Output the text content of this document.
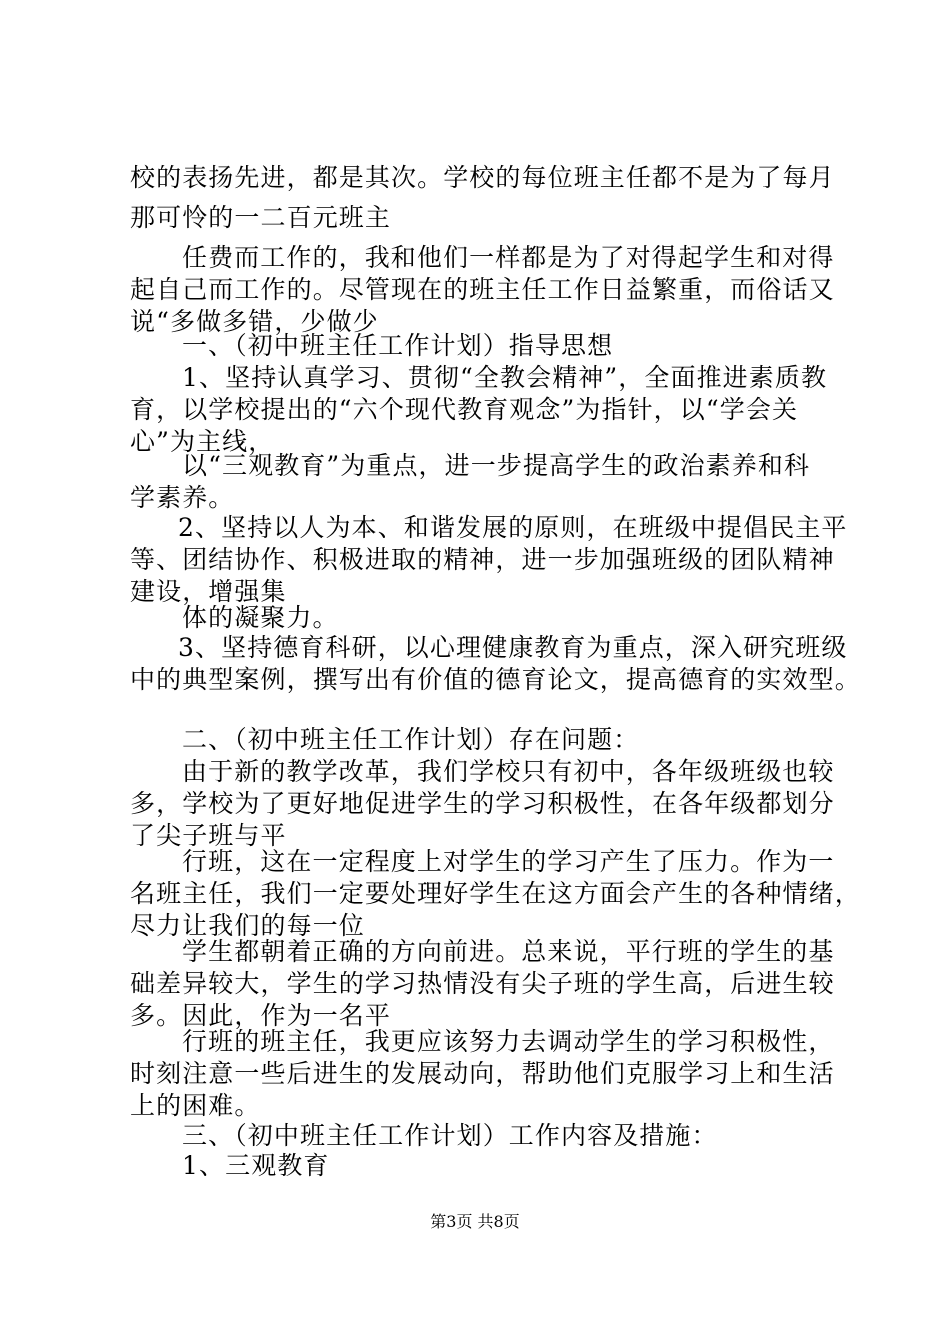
校的表扬先进，都是其次。学校的每位班主任都不是为了每月
那可怜的一二百元班主
任费而工作的，我和他们一样都是为了对得起学生和对得
起自己而工作的。尽管现在的班主任工作日益繁重，而俗话又
说“多做多错，少做少
一、（初中班主任工作计划）指导思想
1、坚持认真学习、贯彻“全教会精神”，全面推进素质教
育，以学校提出的“六个现代教育观念”为指针，以“学会关
心”为主线，
以“三观教育”为重点，进一步提高学生的政治素养和科
学素养。
2、坚持以人为本、和谐发展的原则，在班级中提倡民主平
等、团结协作、积极进取的精神，进一步加强班级的团队精神
建设，增强集
体的凝聚力。
3、坚持德育科研，以心理健康教育为重点，深入研究班级
中的典型案例，撰写出有价值的德育论文，提高德育的实效型。
二、（初中班主任工作计划）存在问题：
由于新的教学改革，我们学校只有初中，各年级班级也较
多，学校为了更好地促进学生的学习积极性，在各年级都划分
了尖子班与平
行班，这在一定程度上对学生的学习产生了压力。作为一
名班主任，我们一定要处理好学生在这方面会产生的各种情绪，
尽力让我们的每一位
学生都朝着正确的方向前进。总来说，平行班的学生的基
础差异较大，学生的学习热情没有尖子班的学生高，后进生较
多。因此，作为一名平
行班的班主任，我更应该努力去调动学生的学习积极性，
时刻注意一些后进生的发展动向，帮助他们克服学习上和生活
上的困难。
三、（初中班主任工作计划）工作内容及措施：
1、三观教育
第3页 共8页
